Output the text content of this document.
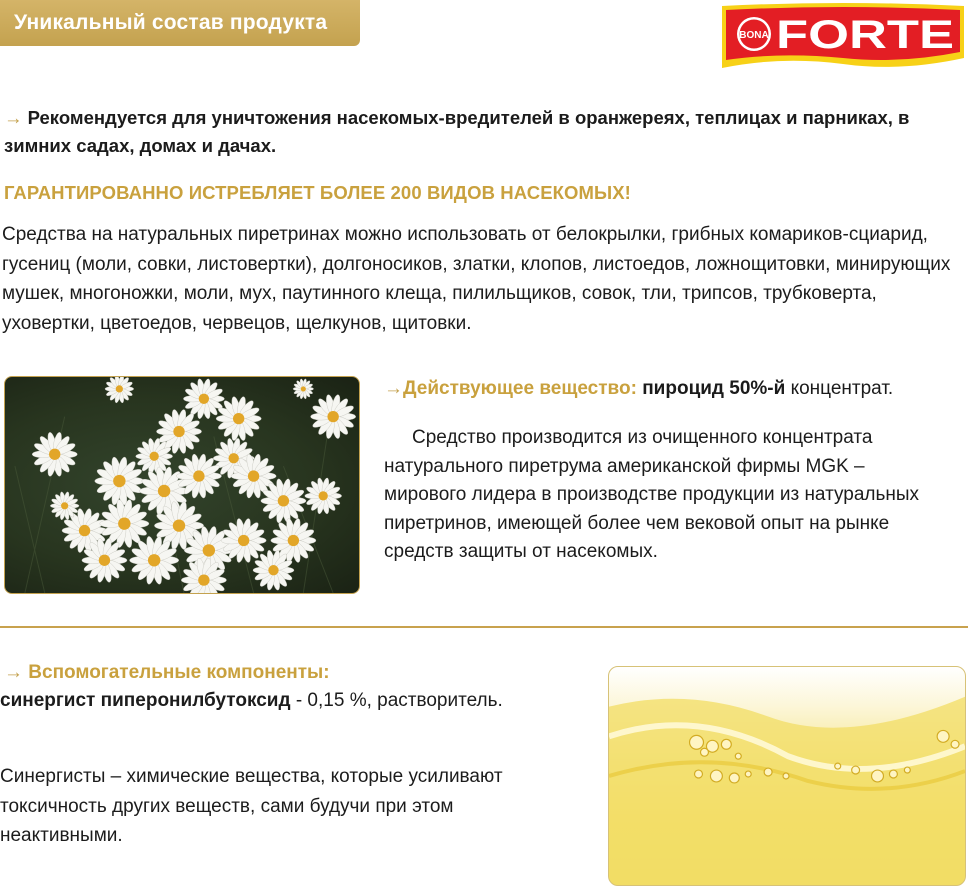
Уникальный состав продукта
BONA FORTE

→ Рекомендуется для уничтожения насекомых-вредителей в оранжереях, теплицах и парниках, в зимних садах, домах и дачах.

ГАРАНТИРОВАННО ИСТРЕБЛЯЕТ БОЛЕЕ 200 ВИДОВ НАСЕКОМЫХ!

Средства на натуральных пиретринах можно использовать от белокрылки, грибных комариков-сциарид, гусениц (моли, совки, листовертки), долгоносиков, златки, клопов, листоедов, ложнощитовки, минирующих мушек, многоножки, моли, мух, паутинного клеща, пилильщиков, совок, тли, трипсов, трубковерта, уховертки, цветоедов, червецов, щелкунов, щитовки.

→Действующее вещество: пироцид 50%-й концентрат.

Средство производится из очищенного концентрата натурального пиретрума американской фирмы MGK – мирового лидера в производстве продукции из натуральных пиретринов, имеющей более чем вековой опыт на рынке средств защиты от насекомых.

→ Вспомогательные компоненты:
синергист пиперонилбутоксид - 0,15 %, растворитель.

Синергисты – химические вещества, которые усиливают токсичность других веществ, сами будучи при этом неактивными.
